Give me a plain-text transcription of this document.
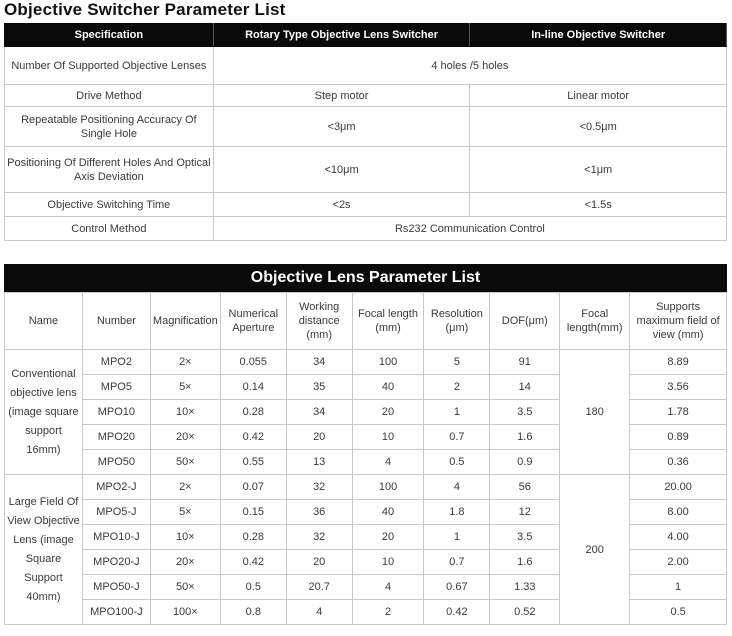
Objective Switcher Parameter List
Specification	Rotary Type Objective Lens Switcher	In-line Objective Switcher
Number Of Supported Objective Lenses	4 holes /5 holes	
Drive Method	Step motor	Linear motor
Repeatable Positioning Accuracy Of Single Hole	<3μm	<0.5μm
Positioning Of Different Holes And Optical Axis Deviation	<10μm	<1μm
Objective Switching Time	<2s	<1.5s
Control Method	Rs232 Communication Control	
Objective Lens Parameter List
Name	Number	Magnification	Numerical Aperture	Working distance (mm)	Focal length (mm)	Resolution (μm)	DOF(μm)	Focal length(mm)	Supports maximum field of view (mm)
Conventional objective lens (image square support 16mm)	MPO2	2×	0.055	34	100	5	91	180	8.89
	MPO5	5×	0.14	35	40	2	14		3.56
	MPO10	10×	0.28	34	20	1	3.5		1.78
	MPO20	20×	0.42	20	10	0.7	1.6		0.89
	MPO50	50×	0.55	13	4	0.5	0.9		0.36
Large Field Of View Objective Lens (image Square Support 40mm)	MPO2-J	2×	0.07	32	100	4	56	200	20.00
	MPO5-J	5×	0.15	36	40	1.8	12		8.00
	MPO10-J	10×	0.28	32	20	1	3.5		4.00
	MPO20-J	20×	0.42	20	10	0.7	1.6		2.00
	MPO50-J	50×	0.5	20.7	4	0.67	1.33		1
	MPO100-J	100×	0.8	4	2	0.42	0.52		0.5
